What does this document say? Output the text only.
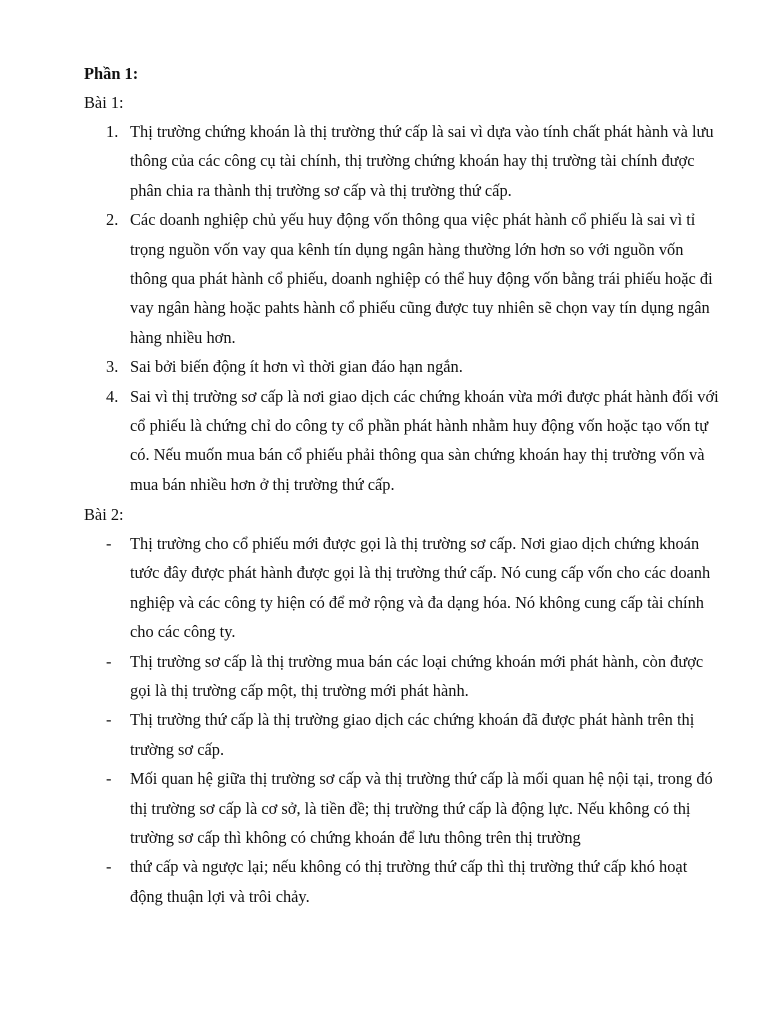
Phần 1:
Bài 1:
1. Thị trường chứng khoán là thị trường thứ cấp là sai vì dựa vào tính chất phát hành và lưu thông của các công cụ tài chính, thị trường chứng khoán hay thị trường tài chính được phân chia ra thành thị trường sơ cấp và thị trường thứ cấp.
2. Các doanh nghiệp chủ yếu huy động vốn thông qua việc phát hành cổ phiếu là sai vì tỉ trọng nguồn vốn vay qua kênh tín dụng ngân hàng thường lớn hơn so với nguồn vốn thông qua phát hành cổ phiếu, doanh nghiệp có thể huy động vốn bằng trái phiếu hoặc đi vay ngân hàng hoặc pahts hành cổ phiếu cũng được tuy nhiên sẽ chọn vay tín dụng ngân hàng nhiều hơn.
3. Sai bởi biến động ít hơn vì thời gian đáo hạn ngắn.
4. Sai vì thị trường sơ cấp là nơi giao dịch các chứng khoán vừa mới được phát hành đối với cổ phiếu là chứng chỉ do công ty cổ phần phát hành nhằm huy động vốn hoặc tạo vốn tự có. Nếu muốn mua bán cổ phiếu phải thông qua sàn chứng khoán hay thị trường vốn và mua bán nhiều hơn ở thị trường thứ cấp.
Bài 2:
-	Thị trường cho cổ phiếu mới được gọi là thị trường sơ cấp. Nơi giao dịch chứng khoán tước đây được phát hành được gọi là thị trường thứ cấp. Nó cung cấp vốn cho các doanh nghiệp và các công ty hiện có để mở rộng và đa dạng hóa. Nó không cung cấp tài chính cho các công ty.
-	Thị trường sơ cấp là thị trường mua bán các loại chứng khoán mới phát hành, còn được gọi là thị trường cấp một, thị trường mới phát hành.
-	Thị trường thứ cấp là thị trường giao dịch các chứng khoán đã được phát hành trên thị trường sơ cấp.
-	Mối quan hệ giữa thị trường sơ cấp và thị trường thứ cấp là mối quan hệ nội tại, trong đó thị trường sơ cấp là cơ sở, là tiền đề; thị trường thứ cấp là động lực. Nếu không có thị trường sơ cấp thì không có chứng khoán để lưu thông trên thị trường
-	thứ cấp và ngược lại; nếu không có thị trường thứ cấp thì thị trường thứ cấp khó hoạt động thuận lợi và trôi chảy.
